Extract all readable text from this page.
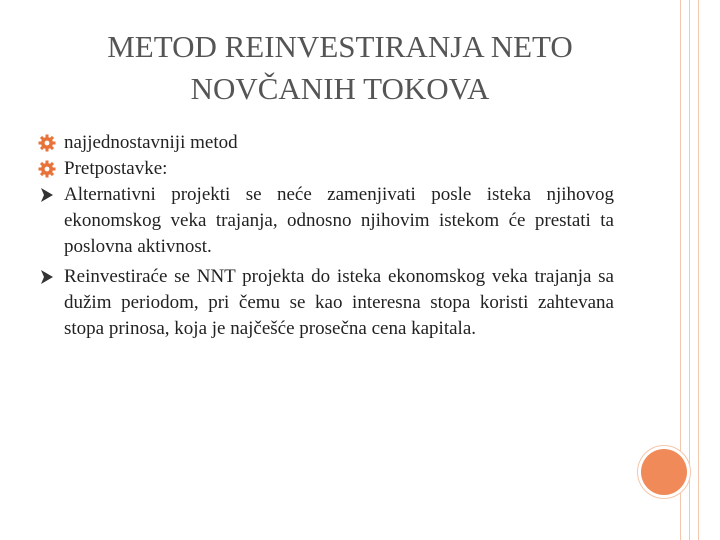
METOD REINVESTIRANJA NETO
NOVČANIH TOKOVA
najjednostavniji metod
Pretpostavke:
Alternativni projekti se neće zamenjivati posle isteka njihovog ekonomskog veka trajanja, odnosno njihovim istekom će prestati ta poslovna aktivnost.
Reinvestiraće se NNT projekta do isteka ekonomskog veka trajanja sa dužim periodom, pri čemu se kao interesna stopa koristi zahtevana stopa prinosa, koja je najčešće prosečna cena kapitala.
